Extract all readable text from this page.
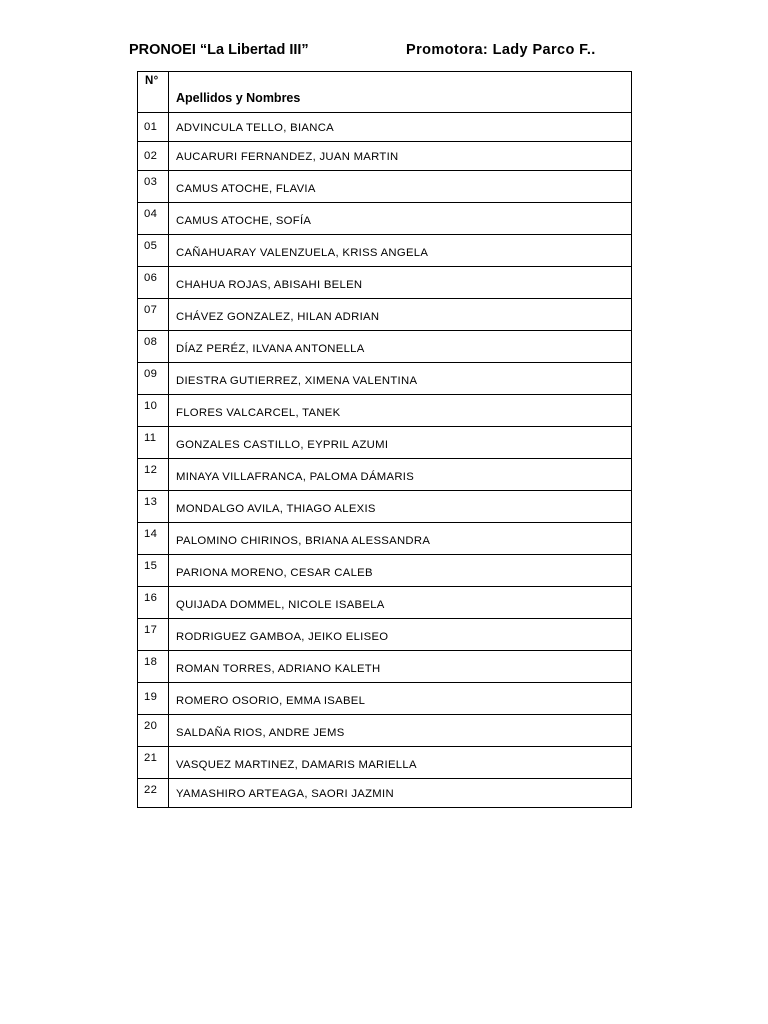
PRONOEI “La Libertad III”	Promotora: Lady Parco F..
N°	Apellidos y Nombres
01	ADVINCULA TELLO, BIANCA
02	AUCARURI FERNANDEZ, JUAN MARTIN
03	CAMUS ATOCHE, FLAVIA
04	CAMUS ATOCHE, SOFÍA
05	CAÑAHUARAY VALENZUELA, KRISS ANGELA
06	CHAHUA ROJAS, ABISAHI BELEN
07	CHÁVEZ GONZALEZ, HILAN ADRIAN
08	DÍAZ PERÉZ, ILVANA ANTONELLA
09	DIESTRA GUTIERREZ, XIMENA VALENTINA
10	FLORES VALCARCEL, TANEK
11	GONZALES CASTILLO, EYPRIL AZUMI
12	MINAYA VILLAFRANCA, PALOMA DÁMARIS
13	MONDALGO AVILA, THIAGO ALEXIS
14	PALOMINO CHIRINOS, BRIANA ALESSANDRA
15	PARIONA MORENO, CESAR CALEB
16	QUIJADA DOMMEL, NICOLE ISABELA
17	RODRIGUEZ GAMBOA, JEIKO ELISEO
18	ROMAN TORRES, ADRIANO KALETH
19	ROMERO OSORIO, EMMA ISABEL
20	SALDAÑA RIOS, ANDRE JEMS
21	VASQUEZ MARTINEZ, DAMARIS MARIELLA
22	YAMASHIRO ARTEAGA, SAORI JAZMIN
